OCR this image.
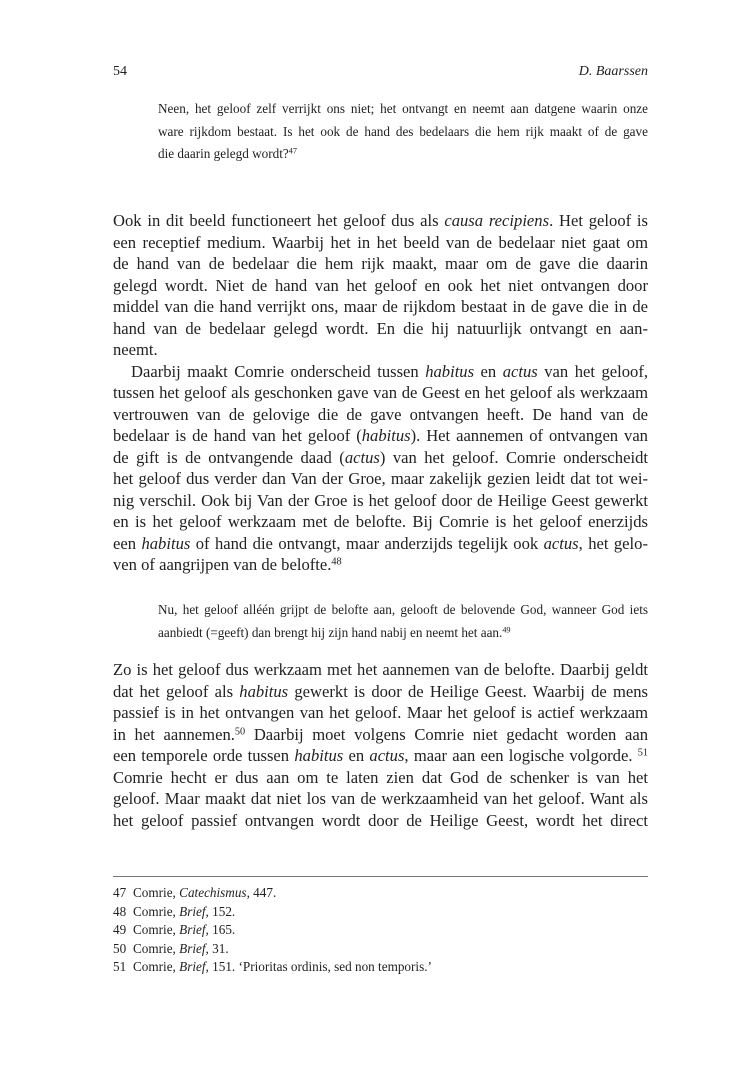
54	D. Baarssen
Neen, het geloof zelf verrijkt ons niet; het ontvangt en neemt aan datgene waarin onze
ware rijkdom bestaat. Is het ook de hand des bedelaars die hem rijk maakt of de gave
die daarin gelegd wordt?$^{47}$
Ook in dit beeld functioneert het geloof dus als causa recipiens. Het geloof is
een receptief medium. Waarbij het in het beeld van de bedelaar niet gaat om
de hand van de bedelaar die hem rijk maakt, maar om de gave die daarin
gelegd wordt. Niet de hand van het geloof en ook het niet ontvangen door
middel van die hand verrijkt ons, maar de rijkdom bestaat in de gave die in de
hand van de bedelaar gelegd wordt. En die hij natuurlijk ontvangt en aan-
neemt.
Daarbij maakt Comrie onderscheid tussen habitus en actus van het geloof,
tussen het geloof als geschonken gave van de Geest en het geloof als werkzaam
vertrouwen van de gelovige die de gave ontvangen heeft. De hand van de
bedelaar is de hand van het geloof (habitus). Het aannemen of ontvangen van
de gift is de ontvangende daad (actus) van het geloof. Comrie onderscheidt
het geloof dus verder dan Van der Groe, maar zakelijk gezien leidt dat tot wei-
nig verschil. Ook bij Van der Groe is het geloof door de Heilige Geest gewerkt
en is het geloof werkzaam met de belofte. Bij Comrie is het geloof enerzijds
een habitus of hand die ontvangt, maar anderzijds tegelijk ook actus, het gelo-
ven of aangrijpen van de belofte.$^{48}$
Nu, het geloof alléén grijpt de belofte aan, gelooft de belovende God, wanneer God iets
aanbiedt (=geeft) dan brengt hij zijn hand nabij en neemt het aan.$^{49}$
Zo is het geloof dus werkzaam met het aannemen van de belofte. Daarbij geldt
dat het geloof als habitus gewerkt is door de Heilige Geest. Waarbij de mens
passief is in het ontvangen van het geloof. Maar het geloof is actief werkzaam
in het aannemen.$^{50}$ Daarbij moet volgens Comrie niet gedacht worden aan
een temporele orde tussen habitus en actus, maar aan een logische volgorde. $^{51}$
Comrie hecht er dus aan om te laten zien dat God de schenker is van het
geloof. Maar maakt dat niet los van de werkzaamheid van het geloof. Want als
het geloof passief ontvangen wordt door de Heilige Geest, wordt het direct
47 Comrie, Catechismus, 447.
48 Comrie, Brief, 152.
49 Comrie, Brief, 165.
50 Comrie, Brief, 31.
51 Comrie, Brief, 151. ‘Prioritas ordinis, sed non temporis.’
